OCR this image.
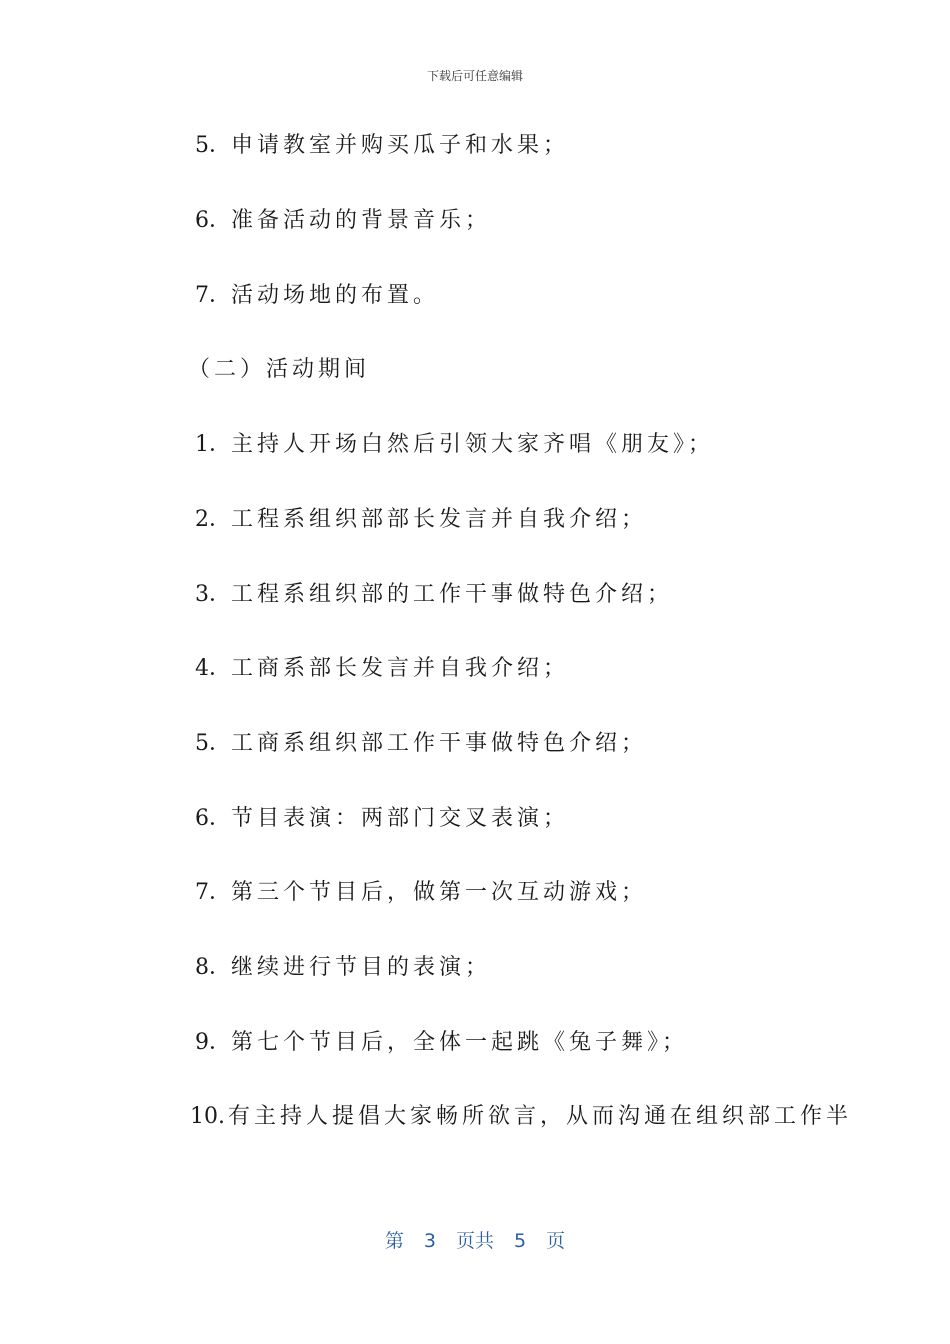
下载后可任意编辑
5．申请教室并购买瓜子和水果；
6．准备活动的背景音乐；
7．活动场地的布置。
（二）活动期间
1．主持人开场白然后引领大家齐唱《朋友》；
2．工程系组织部部长发言并自我介绍；
3．工程系组织部的工作干事做特色介绍；
4．工商系部长发言并自我介绍；
5．工商系组织部工作干事做特色介绍；
6．节目表演：两部门交叉表演；
7．第三个节目后，做第一次互动游戏；
8．继续进行节目的表演；
9．第七个节目后，全体一起跳《兔子舞》；
10. 有主持人提倡大家畅所欲言，从而沟通在组织部工作半
第 3 页共 5 页
